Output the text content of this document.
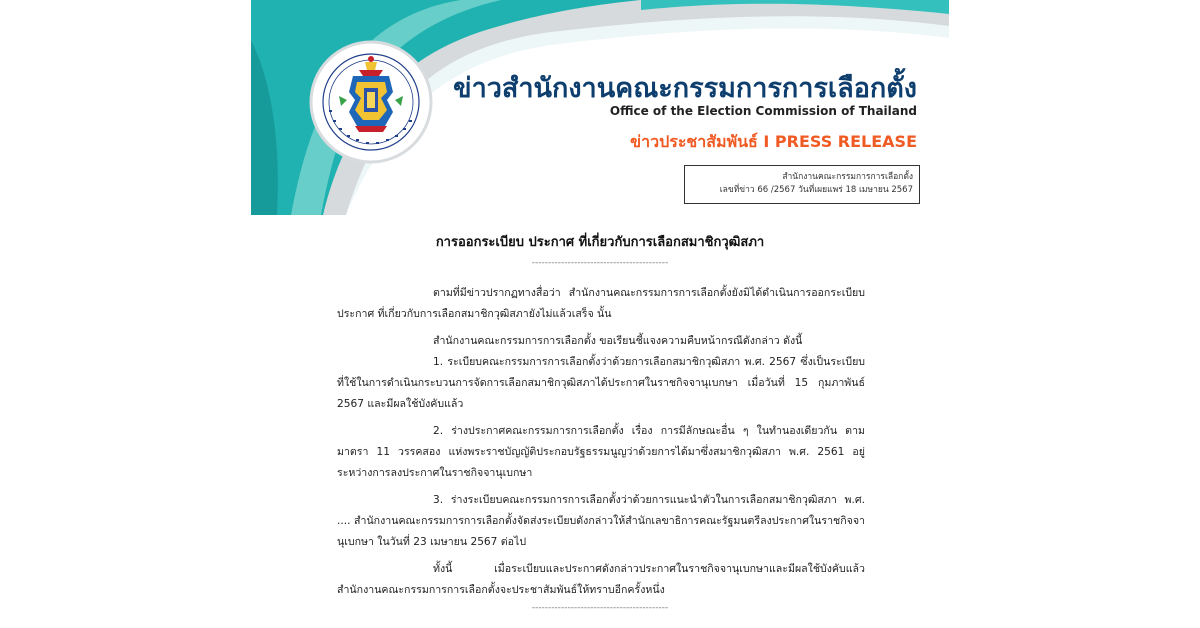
ข่าวสำนักงานคณะกรรมการการเลือกตั้ง
Office of the Election Commission of Thailand
ข่าวประชาสัมพันธ์ I PRESS RELEASE
สำนักงานคณะกรรมการการเลือกตั้ง
เลขที่ข่าว 66 /2567 วันที่เผยแพร่ 18 เมษายน 2567
การออกระเบียบ ประกาศ ที่เกี่ยวกับการเลือกสมาชิกวุฒิสภา
------------------------------------------

ตามที่มีข่าวปรากฏทางสื่อว่า สำนักงานคณะกรรมการการเลือกตั้งยังมิได้ดำเนินการออกระเบียบ ประกาศ ที่เกี่ยวกับการเลือกสมาชิกวุฒิสภายังไม่แล้วเสร็จ นั้น

สำนักงานคณะกรรมการการเลือกตั้ง ขอเรียนชี้แจงความคืบหน้ากรณีดังกล่าว ดังนี้

1. ระเบียบคณะกรรมการการเลือกตั้งว่าด้วยการเลือกสมาชิกวุฒิสภา พ.ศ. 2567 ซึ่งเป็นระเบียบที่ใช้ในการดำเนินกระบวนการจัดการเลือกสมาชิกวุฒิสภาได้ประกาศในราชกิจจานุเบกษา เมื่อวันที่ 15 กุมภาพันธ์ 2567 และมีผลใช้บังคับแล้ว

2. ร่างประกาศคณะกรรมการการเลือกตั้ง เรื่อง การมีลักษณะอื่น ๆ ในทำนองเดียวกัน ตามมาตรา 11 วรรคสอง แห่งพระราชบัญญัติประกอบรัฐธรรมนูญว่าด้วยการได้มาซึ่งสมาชิกวุฒิสภา พ.ศ. 2561 อยู่ระหว่างการลงประกาศในราชกิจจานุเบกษา

3. ร่างระเบียบคณะกรรมการการเลือกตั้งว่าด้วยการแนะนำตัวในการเลือกสมาชิกวุฒิสภา พ.ศ. .... สำนักงานคณะกรรมการการเลือกตั้งจัดส่งระเบียบดังกล่าวให้สำนักเลขาธิการคณะรัฐมนตรีลงประกาศในราชกิจจานุเบกษา ในวันที่ 23 เมษายน 2567 ต่อไป

ทั้งนี้ เมื่อระเบียบและประกาศดังกล่าวประกาศในราชกิจจานุเบกษาและมีผลใช้บังคับแล้ว สำนักงานคณะกรรมการการเลือกตั้งจะประชาสัมพันธ์ให้ทราบอีกครั้งหนึ่ง

------------------------------------------
